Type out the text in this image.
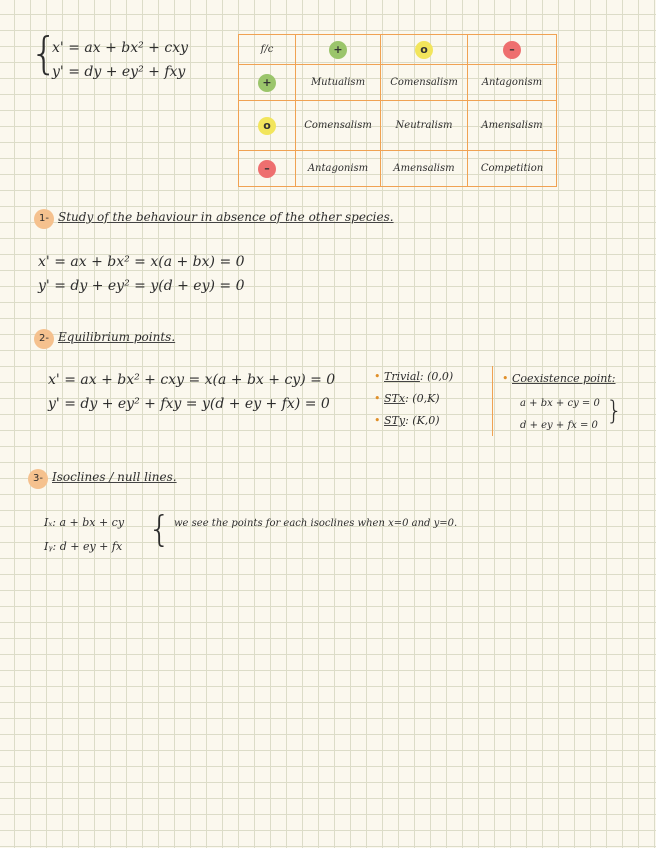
{
x' = ax + bx² + cxy
y' = dy + ey² + fxy
f/c	+	o	–
+	Mutualism	Comensalism	Antagonism
o	Comensalism	Neutralism	Amensalism
–	Antagonism	Amensalism	Competition
1- Study of the behaviour in absence of the other species.
x' = ax + bx² = x(a + bx) = 0
y' = dy + ey² = y(d + ey) = 0
2- Equilibrium points.
x' = ax + bx² + cxy = x(a + bx + cy) = 0
y' = dy + ey² + fxy = y(d + ey + fx) = 0
• Trivial: (0,0)
• STx: (0,K)
• STy: (K,0)
• Coexistence point:
a + bx + cy = 0
d + ey + fx = 0 }
3- Isoclines / null lines.
Iₓ: a + bx + cy
Iᵧ: d + ey + fx { we see the points for each isoclines when x=0 and y=0.
